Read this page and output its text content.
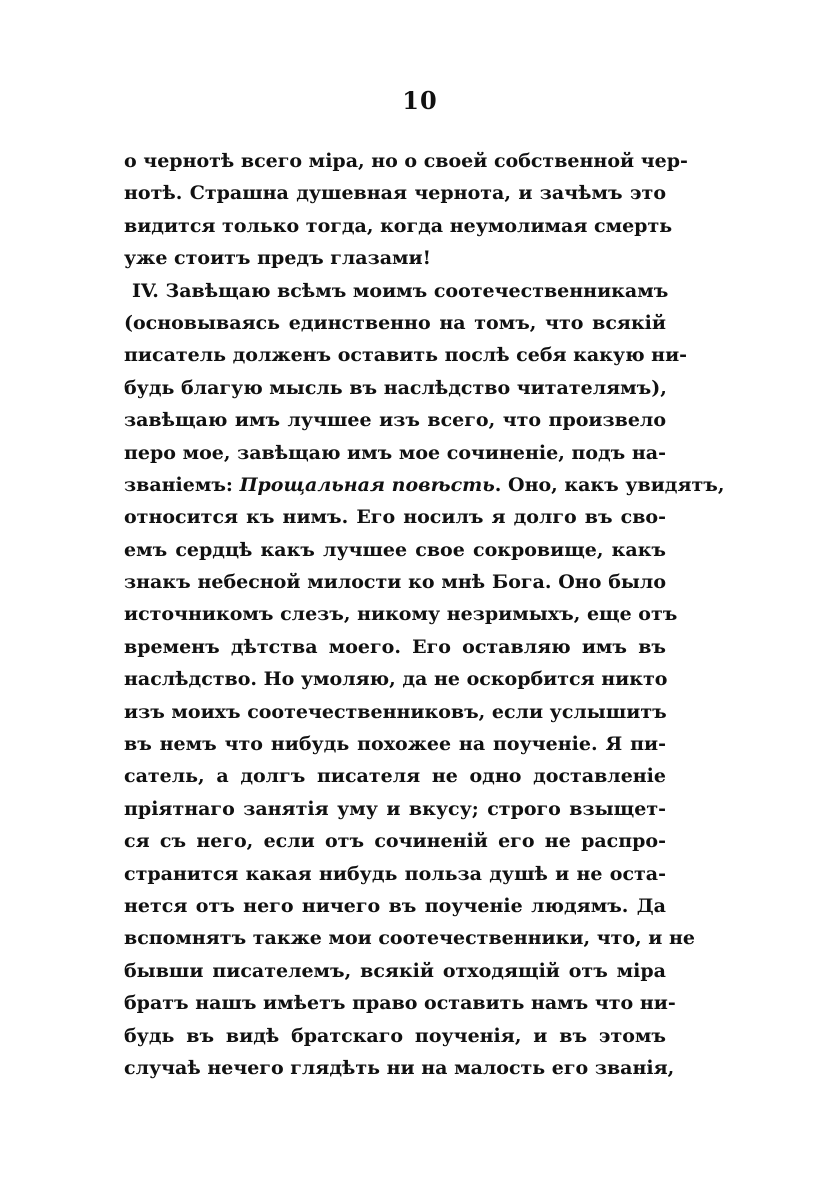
10
о чернотѣ всего міра, но о своей собственной чер-
нотѣ. Страшна душевная чернота, и зачѣмъ это
видится только тогда, когда неумолимая смерть
уже стоитъ предъ глазами!
IV. Завѣщаю всѣмъ моимъ соотечественникамъ
(основываясь единственно на томъ, что всякій
писатель долженъ оставить послѣ себя какую ни-
будь благую мысль въ наслѣдство читателямъ),
завѣщаю имъ лучшее изъ всего, что произвело
перо мое, завѣщаю имъ мое сочиненіе, подъ на-
званіемъ: Прощальная повѣсть. Оно, какъ увидятъ,
относится къ нимъ. Его носилъ я долго въ сво-
емъ сердцѣ какъ лучшее свое сокровище, какъ
знакъ небесной милости ко мнѣ Бога. Оно было
источникомъ слезъ, никому незримыхъ, еще отъ
временъ дѣтства моего. Его оставляю имъ въ
наслѣдство. Но умоляю, да не оскорбится никто
изъ моихъ соотечественниковъ, если услышитъ
въ немъ что нибудь похожее на поученіе. Я пи-
сатель, а долгъ писателя не одно доставленіе
пріятнаго занятія уму и вкусу; строго взыщет-
ся съ него, если отъ сочиненій его не распро-
странится какая нибудь польза душѣ и не оста-
нется отъ него ничего въ поученіе людямъ. Да
вспомнятъ также мои соотечественники, что, и не
бывши писателемъ, всякій отходящій отъ міра
братъ нашъ имѣетъ право оставить намъ что ни-
будь въ видѣ братскаго поученія, и въ этомъ
случаѣ нечего глядѣть ни на малость его званія,
